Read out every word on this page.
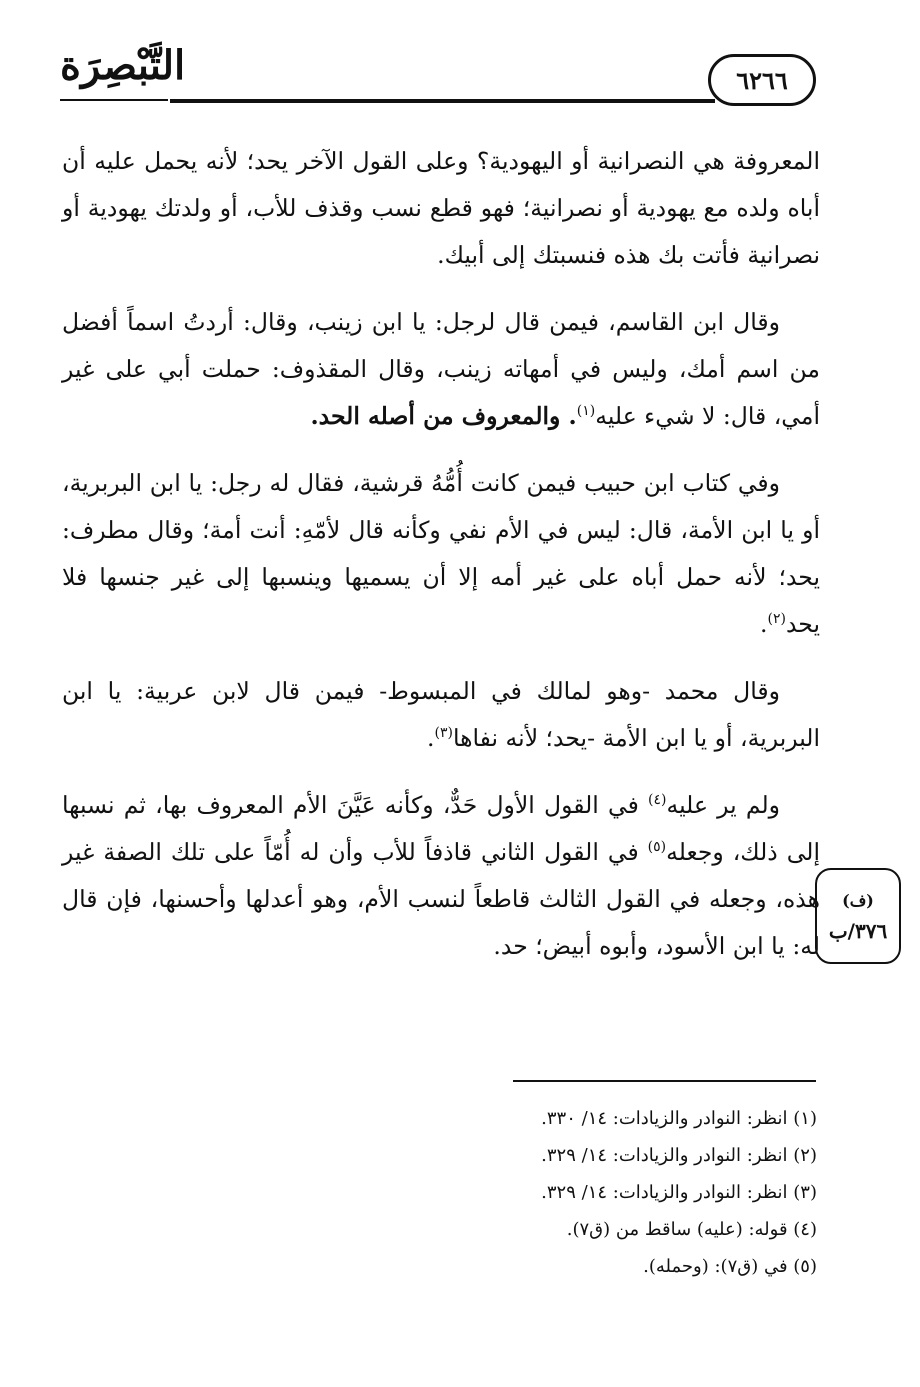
التَّبْصِرَة	٦٢٦٦

المعروفة هي النصرانية أو اليهودية؟ وعلى القول الآخر يحد؛ لأنه يحمل عليه أن أباه ولده مع يهودية أو نصرانية؛ فهو قطع نسب وقذف للأب، أو ولدتك يهودية أو نصرانية فأتت بك هذه فنسبتك إلى أبيك.

وقال ابن القاسم، فيمن قال لرجل: يا ابن زينب، وقال: أردتُ اسماً أفضل من اسم أمك، وليس في أمهاته زينب، وقال المقذوف: حملت أبي على غير أمي، قال: لا شيء عليه$^{(١)}$. والمعروف من أصله الحد.

وفي كتاب ابن حبيب فيمن كانت أُمُّهُ قرشية، فقال له رجل: يا ابن البربرية، أو يا ابن الأمة، قال: ليس في الأم نفي وكأنه قال لأمّهِ: أنت أمة؛ وقال مطرف: يحد؛ لأنه حمل أباه على غير أمه إلا أن يسميها وينسبها إلى غير جنسها فلا يحد$^{(٢)}$.

وقال محمد -وهو لمالك في المبسوط- فيمن قال لابن عربية: يا ابن البربرية، أو يا ابن الأمة -يحد؛ لأنه نفاها$^{(٣)}$.

ولم ير عليه$^{(٤)}$ في القول الأول حَدٌّ، وكأنه عَيَّنَ الأم المعروف بها، ثم نسبها إلى ذلك، وجعله$^{(٥)}$ في القول الثاني قاذفاً للأب وأن له أُمّاً على تلك الصفة غير هذه، وجعله في القول الثالث قاطعاً لنسب الأم، وهو أعدلها وأحسنها، فإن قال له: يا ابن الأسود، وأبوه أبيض؛ حد.

(ف)
٣٧٦/ب

(١) انظر: النوادر والزيادات: ١٤/ ٣٣٠.

(٢) انظر: النوادر والزيادات: ١٤/ ٣٢٩.

(٣) انظر: النوادر والزيادات: ١٤/ ٣٢٩.

(٤) قوله: (عليه) ساقط من (ق٧).

(٥) في (ق٧): (وحمله).
